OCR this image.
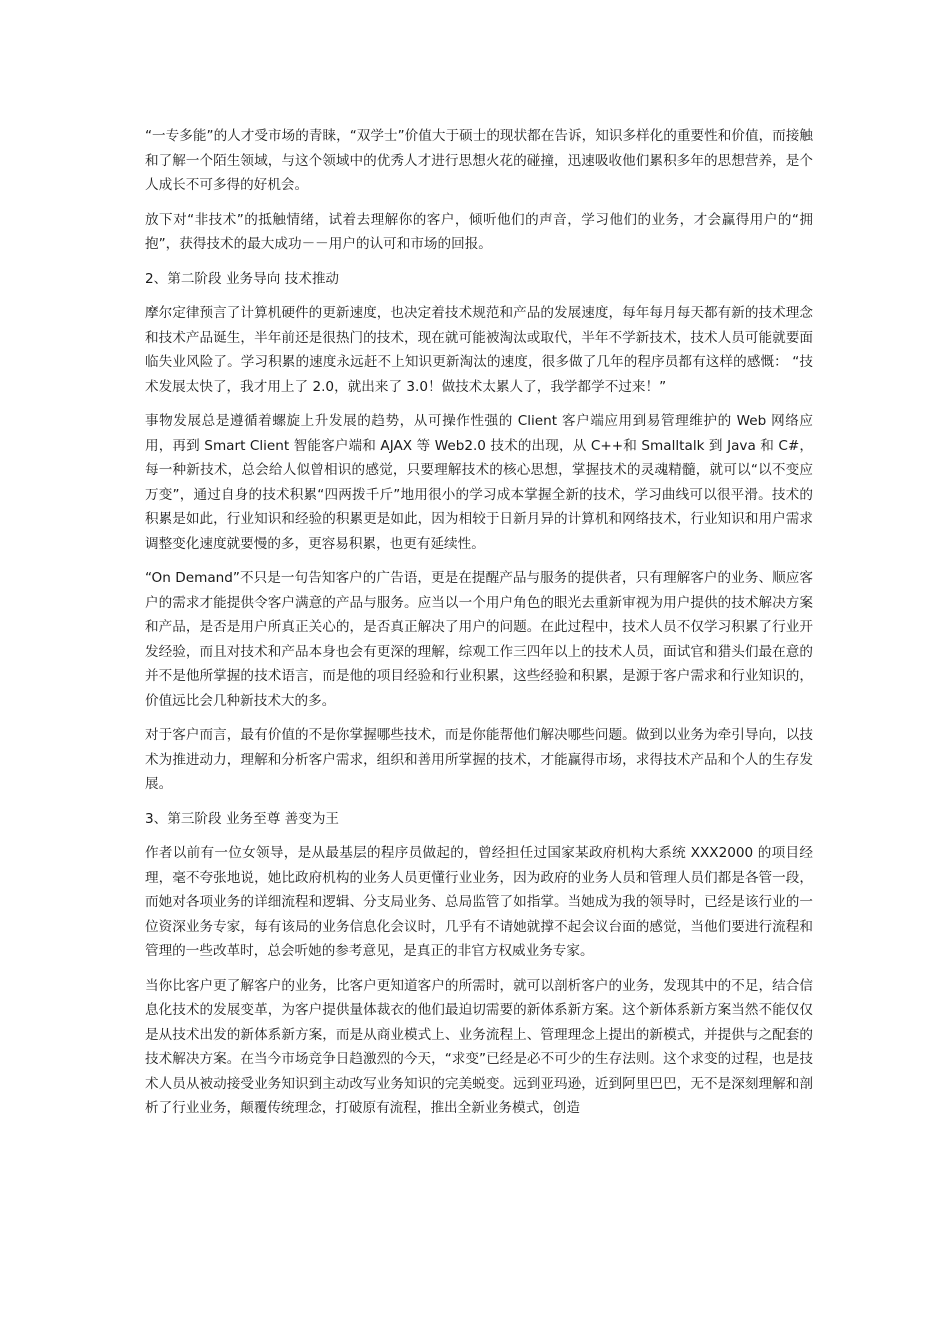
“一专多能”的人才受市场的青睐，“双学士”价值大于硕士的现状都在告诉，知识多样化的重要性和价值，而接触和了解一个陌生领域，与这个领域中的优秀人才进行思想火花的碰撞，迅速吸收他们累积多年的思想营养，是个人成长不可多得的好机会。

放下对“非技术”的抵触情绪，试着去理解你的客户，倾听他们的声音，学习他们的业务，才会赢得用户的“拥抱”，获得技术的最大成功－－用户的认可和市场的回报。

2、第二阶段 业务导向 技术推动

摩尔定律预言了计算机硬件的更新速度，也决定着技术规范和产品的发展速度，每年每月每天都有新的技术理念和技术产品诞生，半年前还是很热门的技术，现在就可能被淘汰或取代，半年不学新技术，技术人员可能就要面临失业风险了。学习积累的速度永远赶不上知识更新淘汰的速度，很多做了几年的程序员都有这样的感慨： “技术发展太快了，我才用上了 2.0，就出来了 3.0！做技术太累人了，我学都学不过来！”

事物发展总是遵循着螺旋上升发展的趋势，从可操作性强的 Client 客户端应用到易管理维护的 Web 网络应用，再到 Smart Client 智能客户端和 AJAX 等 Web2.0 技术的出现，从 C++和 Smalltalk 到 Java 和 C#，每一种新技术，总会给人似曾相识的感觉，只要理解技术的核心思想，掌握技术的灵魂精髓，就可以“以不变应万变”，通过自身的技术积累“四两拨千斤”地用很小的学习成本掌握全新的技术，学习曲线可以很平滑。技术的积累是如此，行业知识和经验的积累更是如此，因为相较于日新月异的计算机和网络技术，行业知识和用户需求调整变化速度就要慢的多，更容易积累，也更有延续性。

“On Demand”不只是一句告知客户的广告语，更是在提醒产品与服务的提供者，只有理解客户的业务、顺应客户的需求才能提供令客户满意的产品与服务。应当以一个用户角色的眼光去重新审视为用户提供的技术解决方案和产品，是否是用户所真正关心的，是否真正解决了用户的问题。在此过程中，技术人员不仅学习积累了行业开发经验，而且对技术和产品本身也会有更深的理解，综观工作三四年以上的技术人员，面试官和猎头们最在意的并不是他所掌握的技术语言，而是他的项目经验和行业积累，这些经验和积累，是源于客户需求和行业知识的，价值远比会几种新技术大的多。

对于客户而言，最有价值的不是你掌握哪些技术，而是你能帮他们解决哪些问题。做到以业务为牵引导向，以技术为推进动力，理解和分析客户需求，组织和善用所掌握的技术，才能赢得市场，求得技术产品和个人的生存发展。

3、第三阶段 业务至尊 善变为王

作者以前有一位女领导，是从最基层的程序员做起的，曾经担任过国家某政府机构大系统 XXX2000 的项目经理，毫不夸张地说，她比政府机构的业务人员更懂行业业务，因为政府的业务人员和管理人员们都是各管一段，而她对各项业务的详细流程和逻辑、分支局业务、总局监管了如指掌。当她成为我的领导时，已经是该行业的一位资深业务专家，每有该局的业务信息化会议时，几乎有不请她就撑不起会议台面的感觉，当他们要进行流程和管理的一些改革时，总会听她的参考意见，是真正的非官方权威业务专家。

当你比客户更了解客户的业务，比客户更知道客户的所需时，就可以剖析客户的业务，发现其中的不足，结合信息化技术的发展变革，为客户提供量体裁衣的他们最迫切需要的新体系新方案。这个新体系新方案当然不能仅仅是从技术出发的新体系新方案，而是从商业模式上、业务流程上、管理理念上提出的新模式，并提供与之配套的技术解决方案。在当今市场竞争日趋激烈的今天，“求变”已经是必不可少的生存法则。这个求变的过程，也是技术人员从被动接受业务知识到主动改写业务知识的完美蜕变。远到亚玛逊，近到阿里巴巴，无不是深刻理解和剖析了行业业务，颠覆传统理念，打破原有流程，推出全新业务模式，创造
